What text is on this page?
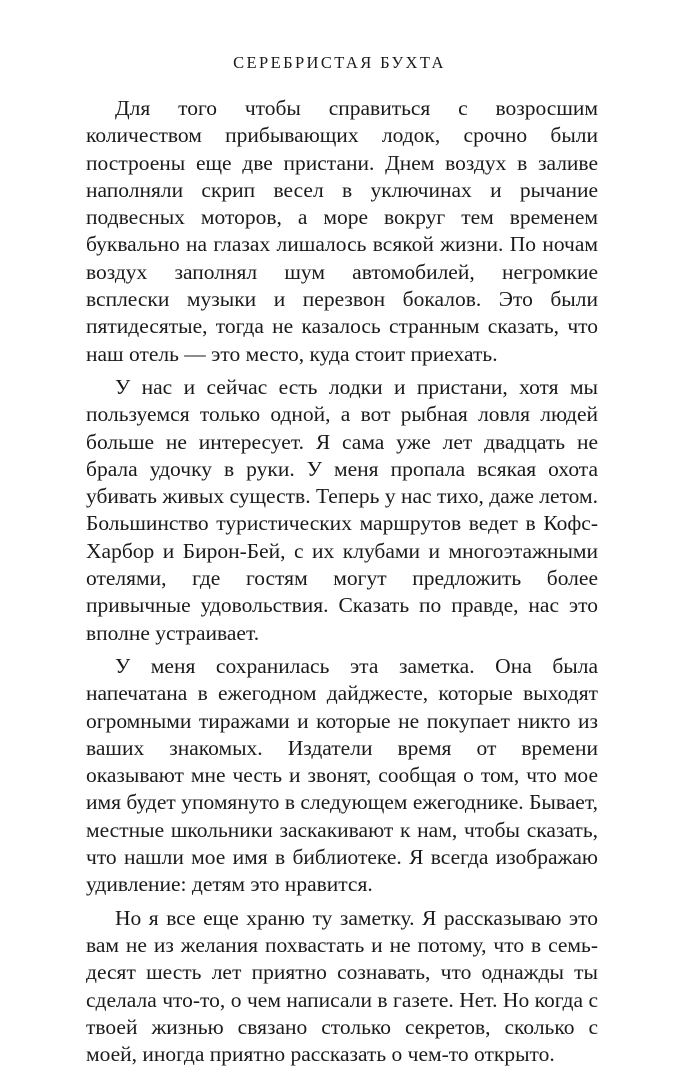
СЕРЕБРИСТАЯ БУХТА

Для того чтобы справиться с возросшим количеством прибывающих лодок, срочно были построены еще две пристани. Днем воздух в заливе наполняли скрип весел в уключинах и рычание подвесных моторов, а море вокруг тем временем буквально на глазах лишалось всякой жизни. По ночам воздух заполнял шум автомобилей, негромкие всплески музыки и перезвон бокалов. Это были пятидесятые, тогда не казалось странным сказать, что наш отель — это место, куда стоит приехать.

У нас и сейчас есть лодки и пристани, хотя мы пользуемся только одной, а вот рыбная ловля людей больше не интересует. Я сама уже лет двадцать не брала удочку в руки. У меня пропала всякая охота убивать живых существ. Теперь у нас тихо, даже летом. Большинство туристических маршрутов ведет в Кофс-Харбор и Бирон-Бей, с их клубами и многоэтажными отелями, где гостям могут предложить более привычные удовольствия. Сказать по правде, нас это вполне устраивает.

У меня сохранилась эта заметка. Она была напечатана в ежегодном дайджесте, которые выходят огромными тиражами и которые не покупает никто из ваших знакомых. Издатели время от времени оказывают мне честь и звонят, сообщая о том, что мое имя будет упомянуто в следующем ежегоднике. Бывает, местные школьники заскакивают к нам, чтобы сказать, что нашли мое имя в библиотеке. Я всегда изображаю удивление: детям это нравится.

Но я все еще храню ту заметку. Я рассказываю это вам не из желания похвастать и не потому, что в семьдесят шесть лет приятно сознавать, что однажды ты сделала что-то, о чем написали в газете. Нет. Но когда с твоей жизнью связано столько секретов, сколько с моей, иногда приятно рассказать о чем-то открыто.
